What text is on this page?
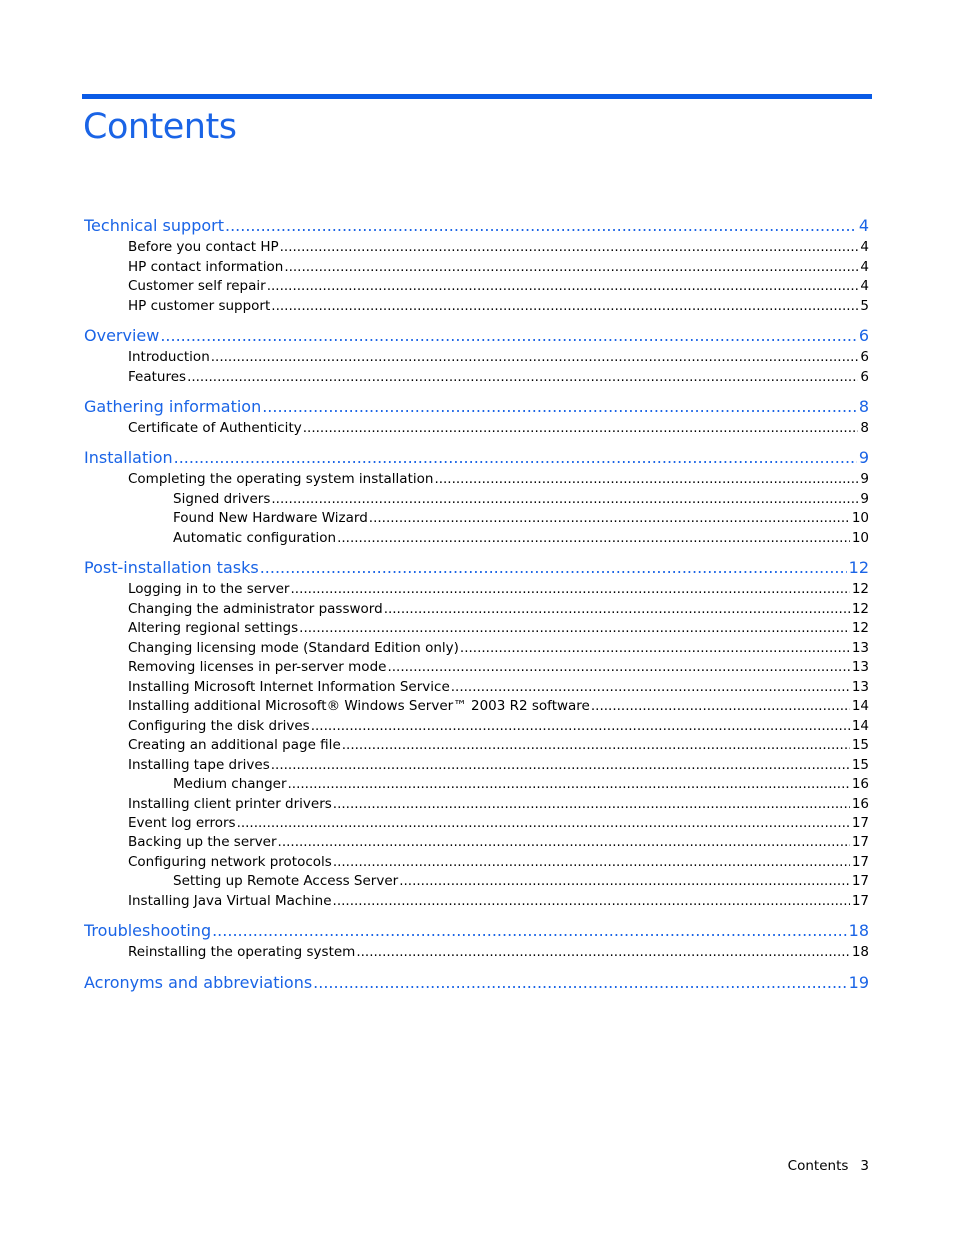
Contents
Technical support .....	4
Before you contact HP .....	4
HP contact information .....	4
Customer self repair .....	4
HP customer support .....	5
Overview .....	6
Introduction .....	6
Features .....	6
Gathering information .....	8
Certificate of Authenticity .....	8
Installation .....	9
Completing the operating system installation .....	9
Signed drivers .....	9
Found New Hardware Wizard .....	10
Automatic configuration .....	10
Post-installation tasks .....	12
Logging in to the server .....	12
Changing the administrator password .....	12
Altering regional settings .....	12
Changing licensing mode (Standard Edition only) .....	13
Removing licenses in per-server mode .....	13
Installing Microsoft Internet Information Service .....	13
Installing additional Microsoft® Windows Server™ 2003 R2 software .....	14
Configuring the disk drives .....	14
Creating an additional page file .....	15
Installing tape drives .....	15
Medium changer .....	16
Installing client printer drivers .....	16
Event log errors .....	17
Backing up the server .....	17
Configuring network protocols .....	17
Setting up Remote Access Server .....	17
Installing Java Virtual Machine .....	17
Troubleshooting .....	18
Reinstalling the operating system .....	18
Acronyms and abbreviations .....	19
Contents 3
